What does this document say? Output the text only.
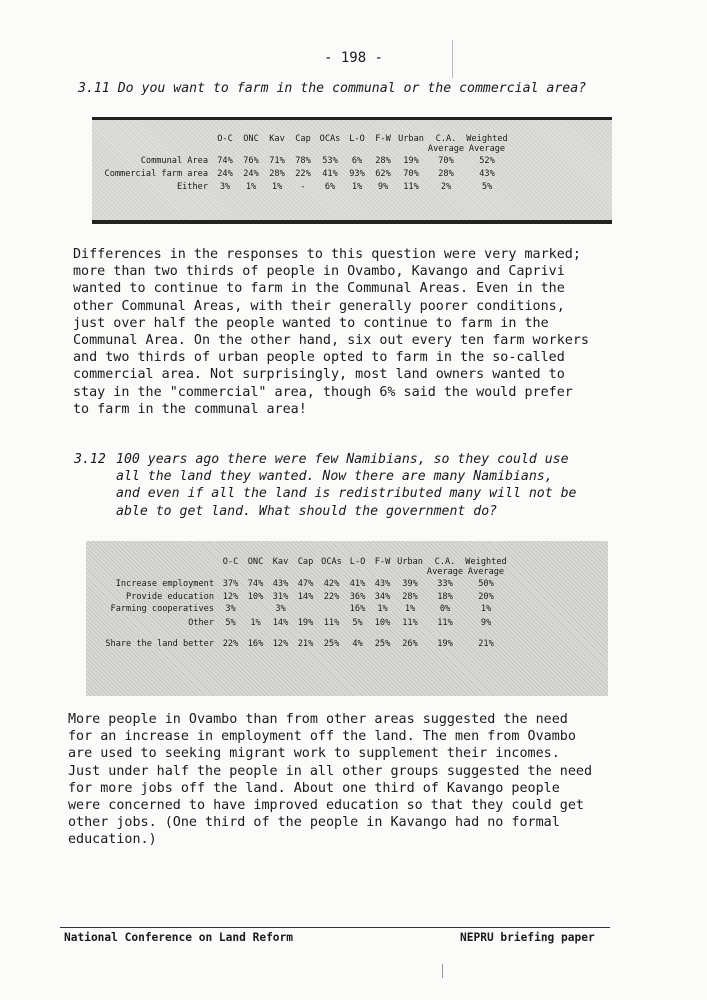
- 198 -
3.11 Do you want to farm in the communal or the commercial area?
	O-C	ONC	Kav	Cap	OCAs	L-O	F-W	Urban	C.A.	Weighted
									Average	Average
Communal Area	74%	76%	71%	78%	53%	6%	28%	19%	70%	52%
Commercial farm area	24%	24%	28%	22%	41%	93%	62%	70%	28%	43%
Either	3%	1%	1%	-	6%	1%	9%	11%	2%	5%
Differences in the responses to this question were very marked;
more than two thirds of people in Ovambo, Kavango and Caprivi
wanted to continue to farm in the Communal Areas. Even in the
other Communal Areas, with their generally poorer conditions,
just over half the people wanted to continue to farm in the
Communal Area. On the other hand, six out every ten farm workers
and two thirds of urban people opted to farm in the so-called
commercial area. Not surprisingly, most land owners wanted to
stay in the "commercial" area, though 6% said the would prefer
to farm in the communal area!
3.12 100 years ago there were few Namibians, so they could use
all the land they wanted. Now there are many Namibians,
and even if all the land is redistributed many will not be
able to get land. What should the government do?
	O-C	ONC	Kav	Cap	OCAs	L-O	F-W	Urban	C.A.	Weighted
									Average	Average
Increase employment	37%	74%	43%	47%	42%	41%	43%	39%	33%	50%
Provide education	12%	10%	31%	14%	22%	36%	34%	28%	18%	20%
Farming cooperatives	3%		3%			16%	1%	1%	0%	1%
Other	5%	1%	14%	19%	11%	5%	10%	11%	11%	9%
Share the land better	22%	16%	12%	21%	25%	4%	25%	26%	19%	21%
More people in Ovambo than from other areas suggested the need
for an increase in employment off the land. The men from Ovambo
are used to seeking migrant work to supplement their incomes.
Just under half the people in all other groups suggested the need
for more jobs off the land. About one third of Kavango people
were concerned to have improved education so that they could get
other jobs. (One third of the people in Kavango had no formal
education.)
National Conference on Land Reform	NEPRU briefing paper
